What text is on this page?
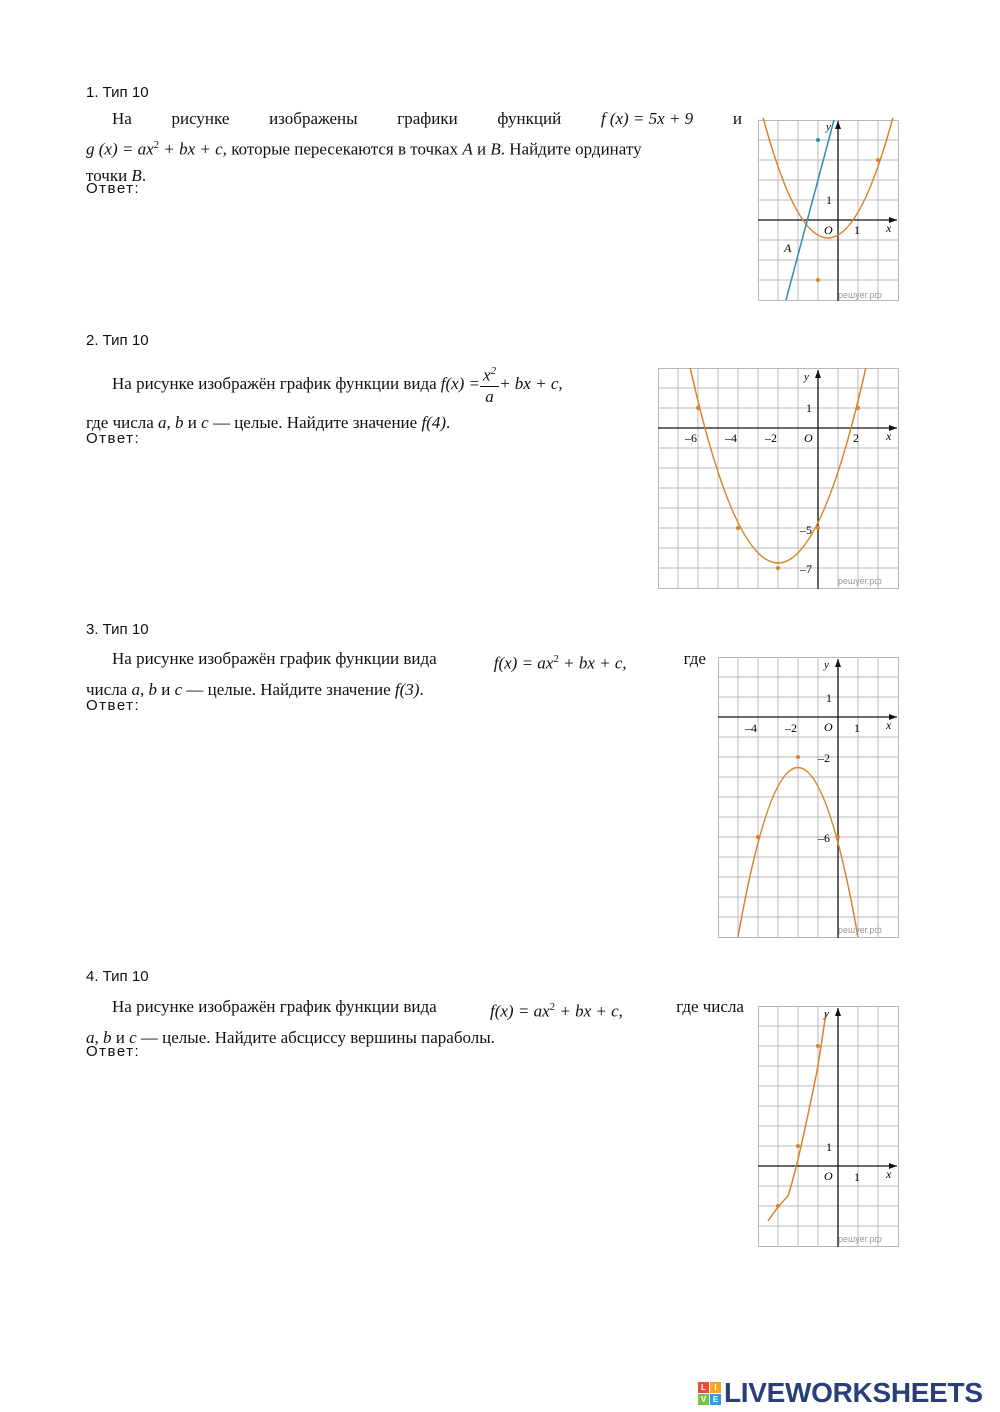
1. Тип 10
На рисунке изображены графики функций f (x) = 5x + 9 и
g $(x) = ax^2$ + bx + c, которые пересекаются в точках A и B. Найдите ординату
точки B.
Ответ:
y
x
O
1
1
A
решуег.рф
2. Тип 10
На рисунке изображён график функции вида $f(x) = \frac{x^2}{a}$ + bx + c,
где числа a, b и c — целые. Найдите значение f(4).
Ответ:
y
x
O
1
–5
–7
–6 –4 –2	2
решуег.рф
3. Тип 10
На рисунке изображён график функции вида	$f(x) = ax^2$ + bx + c,	где
числа a, b и c — целые. Найдите значение f(3).
Ответ:
y
x
O
1
–2
–6
–4 –2	1
решуег.рф
4. Тип 10
На рисунке изображён график функции вида	$f(x) = ax^2$ + bx + c,	где числа
a, b и c — целые. Найдите абсциссу вершины параболы.
Ответ:
y
x
O
1
1
решуег.рф
L	I
V E LIVEWORKSHEETS
